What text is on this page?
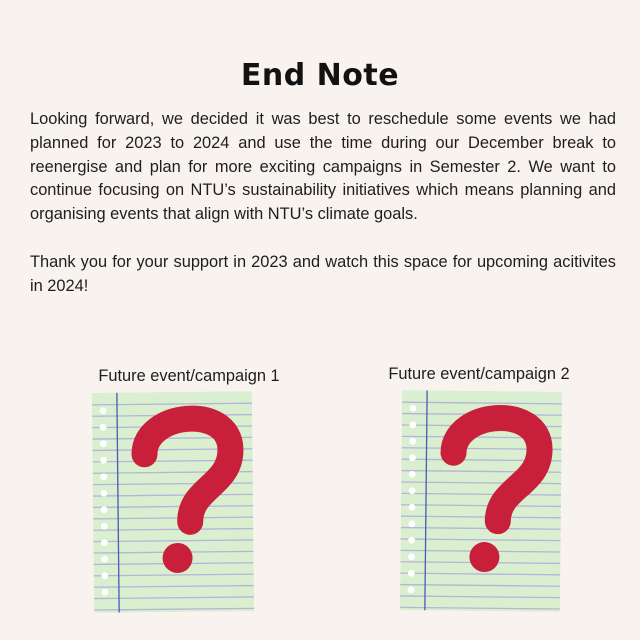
End Note

Looking forward, we decided it was best to reschedule some events we had planned for 2023 to 2024 and use the time during our December break to reenergise and plan for more exciting campaigns in Semester 2. We want to continue focusing on NTU’s sustainability initiatives which means planning and organising events that align with NTU’s climate goals.

Thank you for your support in 2023 and watch this space for upcoming acitivites in 2024!

Future event/campaign 1	Future event/campaign 2
